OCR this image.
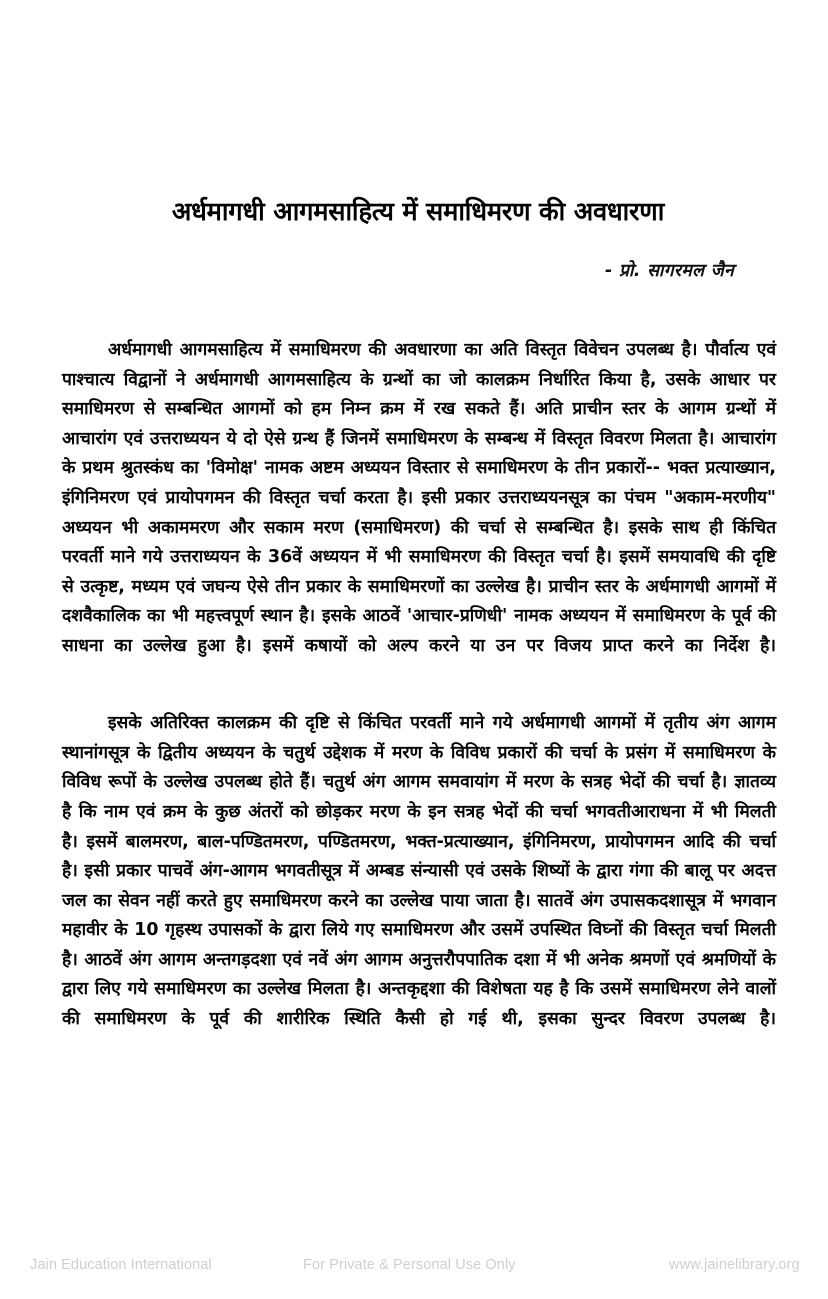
अर्धमागधी आगमसाहित्य में समाधिमरण की अवधारणा

- प्रो. सागरमल जैन

अर्धमागधी आगमसाहित्य में समाधिमरण की अवधारणा का अति विस्तृत विवेचन उपलब्ध है। पौर्वात्य एवं पाश्चात्य विद्वानों ने अर्धमागधी आगमसाहित्य के ग्रन्थों का जो कालक्रम निर्धारित किया है, उसके आधार पर समाधिमरण से सम्बन्धित आगमों को हम निम्न क्रम में रख सकते हैं। अति प्राचीन स्तर के आगम ग्रन्थों में आचारांग एवं उत्तराध्ययन ये दो ऐसे ग्रन्थ हैं जिनमें समाधिमरण के सम्बन्ध में विस्तृत विवरण मिलता है। आचारांग के प्रथम श्रुतस्कंध का 'विमोक्ष' नामक अष्टम अध्ययन विस्तार से समाधिमरण के तीन प्रकारों-- भक्त प्रत्याख्यान, इंगिनिमरण एवं प्रायोपगमन की विस्तृत चर्चा करता है। इसी प्रकार उत्तराध्ययनसूत्र का पंचम "अकाम-मरणीय" अध्ययन भी अकाममरण और सकाम मरण (समाधिमरण) की चर्चा से सम्बन्धित है। इसके साथ ही किंचित परवर्ती माने गये उत्तराध्ययन के 36वें अध्ययन में भी समाधिमरण की विस्तृत चर्चा है। इसमें समयावधि की दृष्टि से उत्कृष्ट, मध्यम एवं जघन्य ऐसे तीन प्रकार के समाधिमरणों का उल्लेख है। प्राचीन स्तर के अर्धमागधी आगमों में दशवैकालिक का भी महत्त्वपूर्ण स्थान है। इसके आठवें 'आचार-प्रणिधी' नामक अध्ययन में समाधिमरण के पूर्व की साधना का उल्लेख हुआ है। इसमें कषायों को अल्प करने या उन पर विजय प्राप्त करने का निर्देश है।

इसके अतिरिक्त कालक्रम की दृष्टि से किंचित परवर्ती माने गये अर्धमागधी आगमों में तृतीय अंग आगम स्थानांगसूत्र के द्वितीय अध्ययन के चतुर्थ उद्देशक में मरण के विविध प्रकारों की चर्चा के प्रसंग में समाधिमरण के विविध रूपों के उल्लेख उपलब्ध होते हैं। चतुर्थ अंग आगम समवायांग में मरण के सत्रह भेदों की चर्चा है। ज्ञातव्य है कि नाम एवं क्रम के कुछ अंतरों को छोड़कर मरण के इन सत्रह भेदों की चर्चा भगवतीआराधना में भी मिलती है। इसमें बालमरण, बाल-पण्डितमरण, पण्डितमरण, भक्त-प्रत्याख्यान, इंगिनिमरण, प्रायोपगमन आदि की चर्चा है। इसी प्रकार पाचवें अंग-आगम भगवतीसूत्र में अम्बड संन्यासी एवं उसके शिष्यों के द्वारा गंगा की बालू पर अदत्त जल का सेवन नहीं करते हुए समाधिमरण करने का उल्लेख पाया जाता है। सातवें अंग उपासकदशासूत्र में भगवान महावीर के 10 गृहस्थ उपासकों के द्वारा लिये गए समाधिमरण और उसमें उपस्थित विघ्नों की विस्तृत चर्चा मिलती है। आठवें अंग आगम अन्तगड़दशा एवं नवें अंग आगम अनुत्तरौपपातिक दशा में भी अनेक श्रमणों एवं श्रमणियों के द्वारा लिए गये समाधिमरण का उल्लेख मिलता है। अन्तकृद्दशा की विशेषता यह है कि उसमें समाधिमरण लेने वालों की समाधिमरण के पूर्व की शारीरिक स्थिति कैसी हो गई थी, इसका सुन्दर विवरण उपलब्ध है।

Jain Education International	For Private & Personal Use Only	www.jainelibrary.org
